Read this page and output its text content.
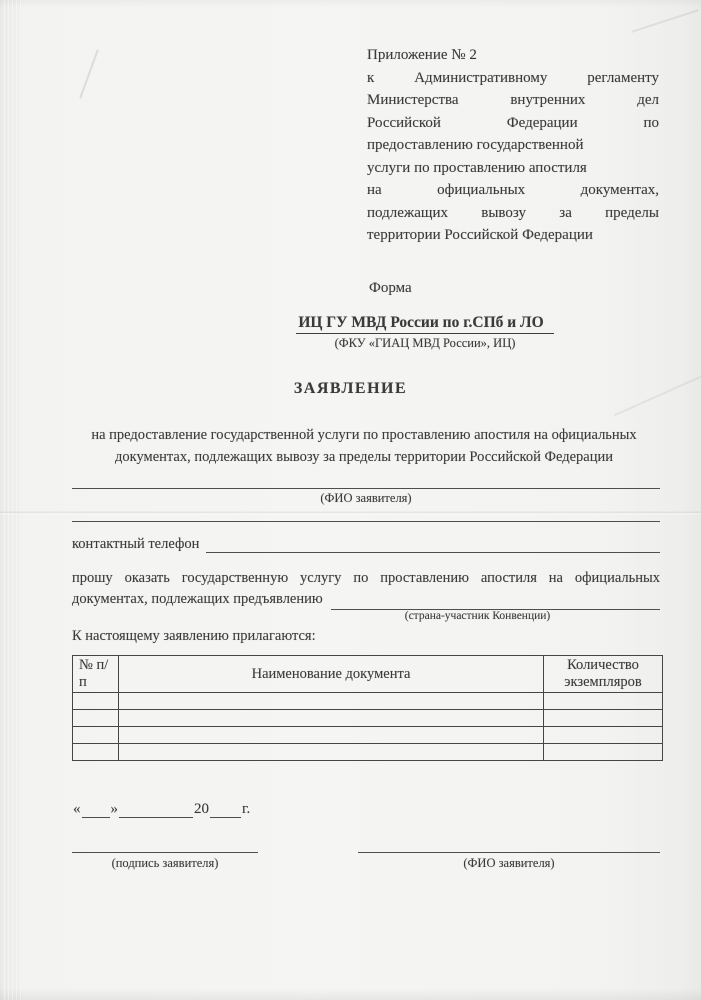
Приложение № 2
к Административному регламенту
Министерства внутренних дел
Российской Федерации по
предоставлению государственной
услуги по проставлению апостиля
на официальных документах,
подлежащих вывозу за пределы
территории Российской Федерации
Форма
ИЦ ГУ МВД России по г.СПб и ЛО
(ФКУ «ГИАЦ МВД России», ИЦ)
ЗАЯВЛЕНИЕ
на предоставление государственной услуги по проставлению апостиля на официальных документах, подлежащих вывозу за пределы территории Российской Федерации
(ФИО заявителя)
контактный телефон
прошу оказать государственную услугу по проставлению апостиля на официальных
документах, подлежащих предъявлению
(страна-участник Конвенции)
К настоящему заявлению прилагаются:
№ п/п	Наименование документа	Количество экземпляров

« »	20 г.
(подпись заявителя)	(ФИО заявителя)
